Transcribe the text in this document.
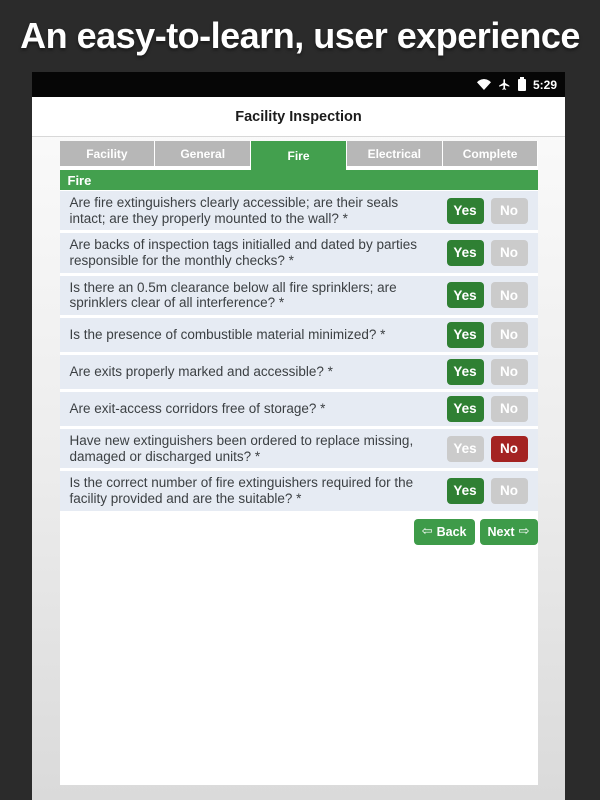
An easy-to-learn, user experience
5:29
Facility Inspection
Facility	General	Fire	Electrical	Complete
Fire
Are fire extinguishers clearly accessible; are their seals intact; are they properly mounted to the wall? *	Yes	No
Are backs of inspection tags initialled and dated by parties responsible for the monthly checks? *	Yes	No
Is there an 0.5m clearance below all fire sprinklers; are sprinklers clear of all interference? *	Yes	No
Is the presence of combustible material minimized? *	Yes	No
Are exits properly marked and accessible? *	Yes	No
Are exit-access corridors free of storage? *	Yes	No
Have new extinguishers been ordered to replace missing, damaged or discharged units? *	Yes	No
Is the correct number of fire extinguishers required for the facility provided and are the suitable? *	Yes	No
⇦ Back Next ⇨
